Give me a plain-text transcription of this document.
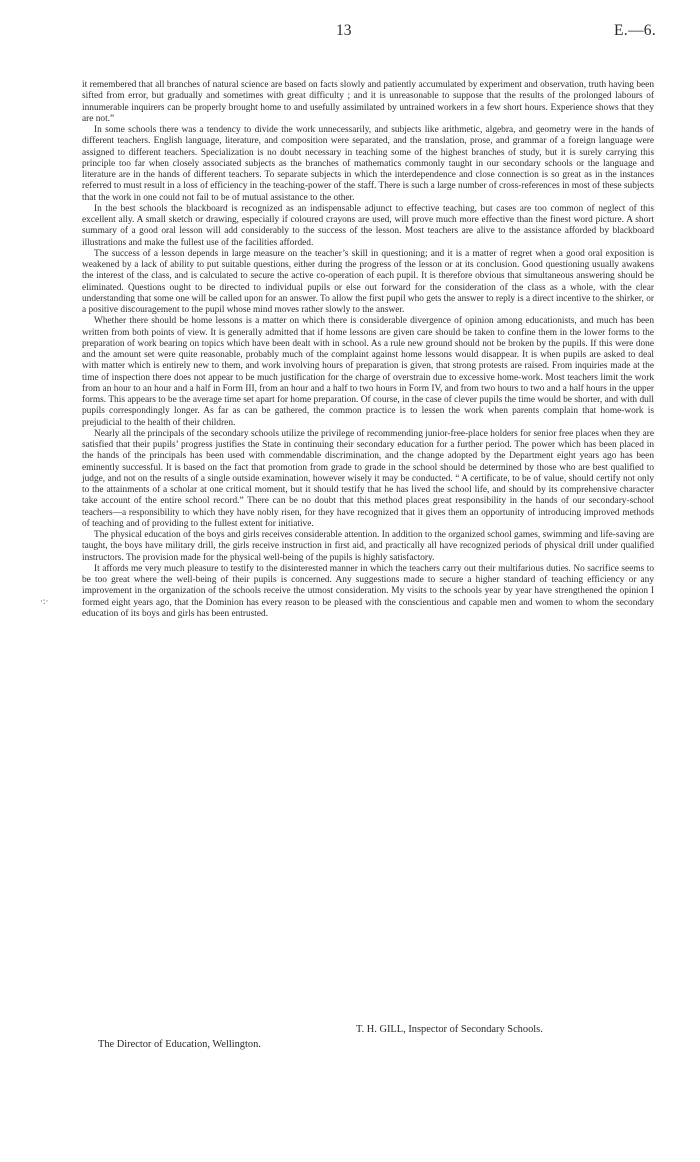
13	E.—6.
·:·

it remembered that all branches of natural science are based on facts slowly and patiently accumulated by experiment and observation, truth having been sifted from error, but gradually and sometimes with great difficulty ; and it is unreasonable to suppose that the results of the prolonged labours of innumerable inquirers can be properly brought home to and usefully assimilated by untrained workers in a few short hours. Experience shows that they are not.”

In some schools there was a tendency to divide the work unnecessarily, and subjects like arithmetic, algebra, and geometry were in the hands of different teachers. English language, literature, and composition were separated, and the translation, prose, and grammar of a foreign language were assigned to different teachers. Specialization is no doubt necessary in teaching some of the highest branches of study, but it is surely carrying this principle too far when closely associated subjects as the branches of mathematics commonly taught in our secondary schools or the language and literature are in the hands of different teachers. To separate subjects in which the interdependence and close connection is so great as in the instances referred to must result in a loss of efficiency in the teaching-power of the staff. There is such a large number of cross-references in most of these subjects that the work in one could not fail to be of mutual assistance to the other.

In the best schools the blackboard is recognized as an indispensable adjunct to effective teaching, but cases are too common of neglect of this excellent ally. A small sketch or drawing, especially if coloured crayons are used, will prove much more effective than the finest word picture. A short summary of a good oral lesson will add considerably to the success of the lesson. Most teachers are alive to the assistance afforded by blackboard illustrations and make the fullest use of the facilities afforded.

The success of a lesson depends in large measure on the teacher’s skill in questioning; and it is a matter of regret when a good oral exposition is weakened by a lack of ability to put suitable questions, either during the progress of the lesson or at its conclusion. Good questioning usually awakens the interest of the class, and is calculated to secure the active co-operation of each pupil. It is therefore obvious that simultaneous answering should be eliminated. Questions ought to be directed to individual pupils or else out forward for the consideration of the class as a whole, with the clear understanding that some one will be called upon for an answer. To allow the first pupil who gets the answer to reply is a direct incentive to the shirker, or a positive discouragement to the pupil whose mind moves rather slowly to the answer.

Whether there should be home lessons is a matter on which there is considerable divergence of opinion among educationists, and much has been written from both points of view. It is generally admitted that if home lessons are given care should be taken to confine them in the lower forms to the preparation of work bearing on topics which have been dealt with in school. As a rule new ground should not be broken by the pupils. If this were done and the amount set were quite reasonable, probably much of the complaint against home lessons would disappear. It is when pupils are asked to deal with matter which is entirely new to them, and work involving hours of preparation is given, that strong protests are raised. From inquiries made at the time of inspection there does not appear to be much justification for the charge of overstrain due to excessive home-work. Most teachers limit the work from an hour to an hour and a half in Form III, from an hour and a half to two hours in Form IV, and from two hours to two and a half hours in the upper forms. This appears to be the average time set apart for home preparation. Of course, in the case of clever pupils the time would be shorter, and with dull pupils correspondingly longer. As far as can be gathered, the common practice is to lessen the work when parents complain that home-work is prejudicial to the health of their children.

Nearly all the principals of the secondary schools utilize the privilege of recommending junior-free-place holders for senior free places when they are satisfied that their pupils’ progress justifies the State in continuing their secondary education for a further period. The power which has been placed in the hands of the principals has been used with commendable discrimination, and the change adopted by the Department eight years ago has been eminently successful. It is based on the fact that promotion from grade to grade in the school should be determined by those who are best qualified to judge, and not on the results of a single outside examination, however wisely it may be conducted. “ A certificate, to be of value, should certify not only to the attainments of a scholar at one critical moment, but it should testify that he has lived the school life, and should by its comprehensive character take account of the entire school record.” There can be no doubt that this method places great responsibility in the hands of our secondary-school teachers—a responsibility to which they have nobly risen, for they have recognized that it gives them an opportunity of introducing improved methods of teaching and of providing to the fullest extent for initiative.

The physical education of the boys and girls receives considerable attention. In addition to the organized school games, swimming and life-saving are taught, the boys have military drill, the girls receive instruction in first aid, and practically all have recognized periods of physical drill under qualified instructors. The provision made for the physical well-being of the pupils is highly satisfactory.

It affords me very much pleasure to testify to the disinterested manner in which the teachers carry out their multifarious duties. No sacrifice seems to be too great where the well-being of their pupils is concerned. Any suggestions made to secure a higher standard of teaching efficiency or any improvement in the organization of the schools receive the utmost consideration. My visits to the schools year by year have strengthened the opinion I formed eight years ago, that the Dominion has every reason to be pleased with the conscientious and capable men and women to whom the secondary education of its boys and girls has been entrusted.

T. H. GILL, Inspector of Secondary Schools.
The Director of Education, Wellington.
